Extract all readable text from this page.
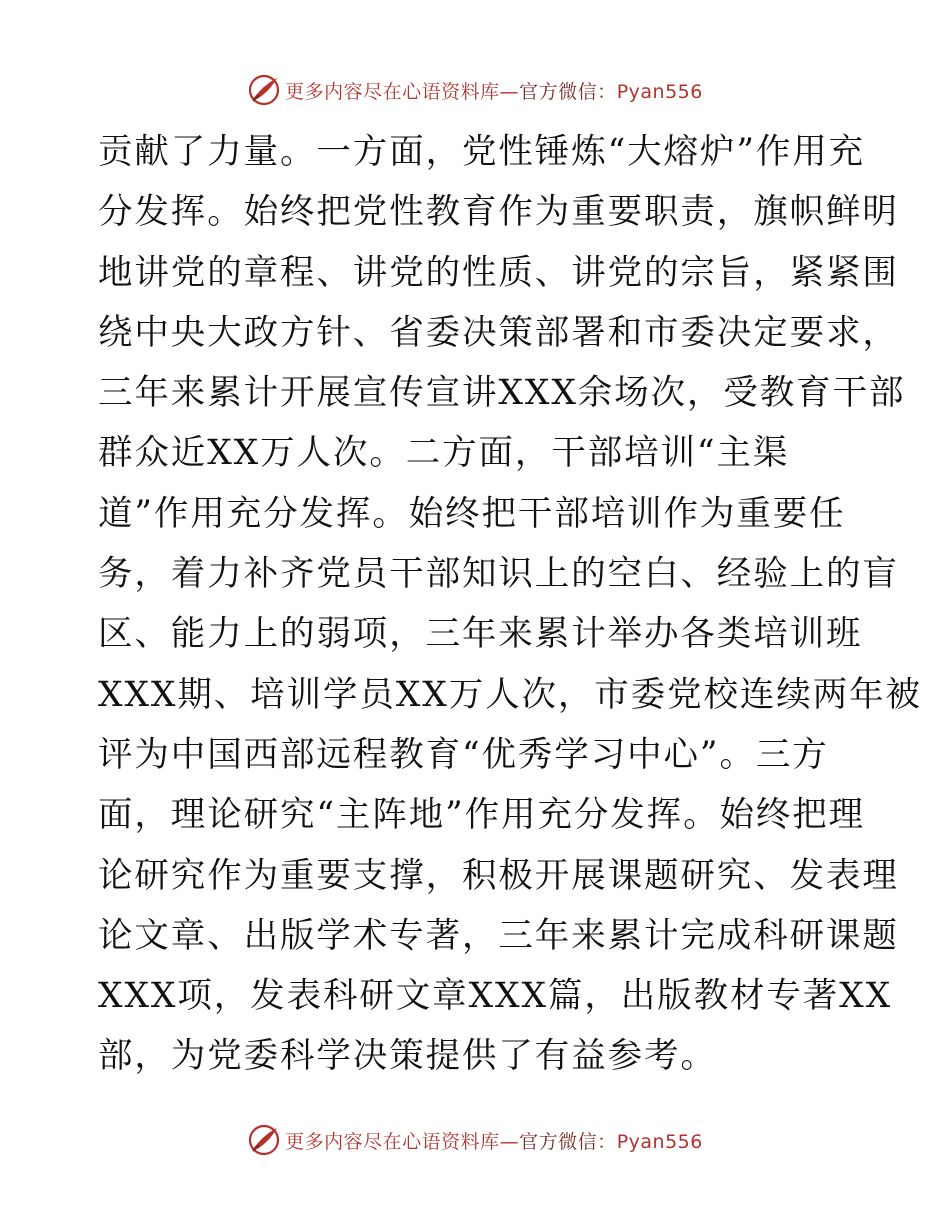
更多内容尽在心语资料库—官方微信：Pyan556
贡献了力量。一方面，党性锤炼“大熔炉”作用充
分发挥。始终把党性教育作为重要职责，旗帜鲜明
地讲党的章程、讲党的性质、讲党的宗旨，紧紧围
绕中央大政方针、省委决策部署和市委决定要求，
三年来累计开展宣传宣讲XXX余场次，受教育干部
群众近XX万人次。二方面，干部培训“主渠
道”作用充分发挥。始终把干部培训作为重要任
务，着力补齐党员干部知识上的空白、经验上的盲
区、能力上的弱项，三年来累计举办各类培训班
XXX期、培训学员XX万人次，市委党校连续两年被
评为中国西部远程教育“优秀学习中心”。三方
面，理论研究“主阵地”作用充分发挥。始终把理
论研究作为重要支撑，积极开展课题研究、发表理
论文章、出版学术专著，三年来累计完成科研课题
XXX项，发表科研文章XXX篇，出版教材专著XX
部，为党委科学决策提供了有益参考。
更多内容尽在心语资料库—官方微信：Pyan556
